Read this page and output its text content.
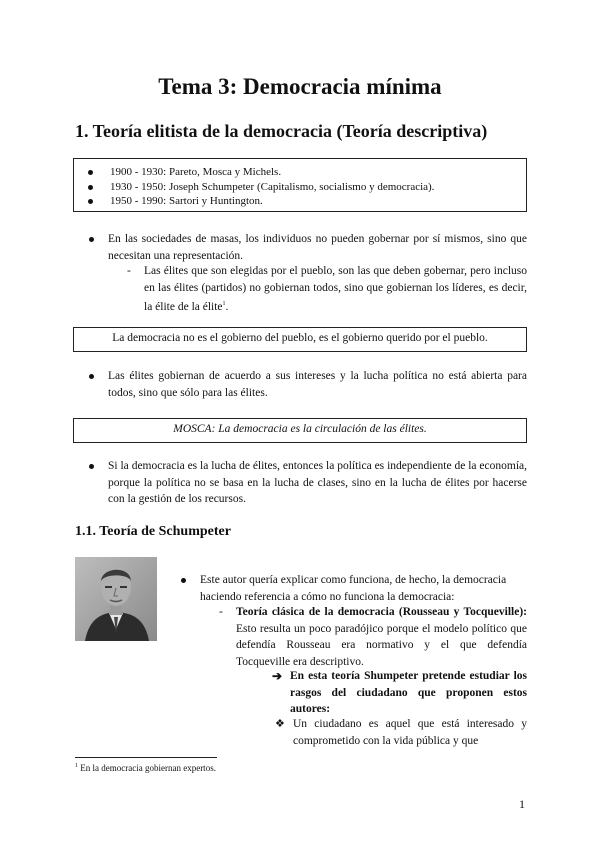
Tema 3: Democracia mínima
1. Teoría elitista de la democracia (Teoría descriptiva)
1900 - 1930: Pareto, Mosca y Michels.
1930 - 1950: Joseph Schumpeter (Capitalismo, socialismo y democracia).
1950 - 1990: Sartori y Huntington.
En las sociedades de masas, los individuos no pueden gobernar por sí mismos, sino que necesitan una representación.
- Las élites que son elegidas por el pueblo, son las que deben gobernar, pero incluso en las élites (partidos) no gobiernan todos, sino que gobiernan los líderes, es decir, la élite de la élite$^1$.
La democracia no es el gobierno del pueblo, es el gobierno querido por el pueblo.
Las élites gobiernan de acuerdo a sus intereses y la lucha política no está abierta para todos, sino que sólo para las élites.
MOSCA: La democracia es la circulación de las élites.
Si la democracia es la lucha de élites, entonces la política es independiente de la economía, porque la política no se basa en la lucha de clases, sino en la lucha de élites por hacerse con la gestión de los recursos.
1.1. Teoría de Schumpeter
Este autor quería explicar como funciona, de hecho, la democracia haciendo referencia a cómo no funciona la democracia:
- Teoría clásica de la democracia (Rousseau y Tocqueville): Esto resulta un poco paradójico porque el modelo político que defendía Rousseau era normativo y el que defendía Tocqueville era descriptivo.
➔ En esta teoría Shumpeter pretende estudiar los rasgos del ciudadano que proponen estos autores:
❖ Un ciudadano es aquel que está interesado y comprometido con la vida pública y que
$^1$ En la democracia gobiernan expertos.
1
